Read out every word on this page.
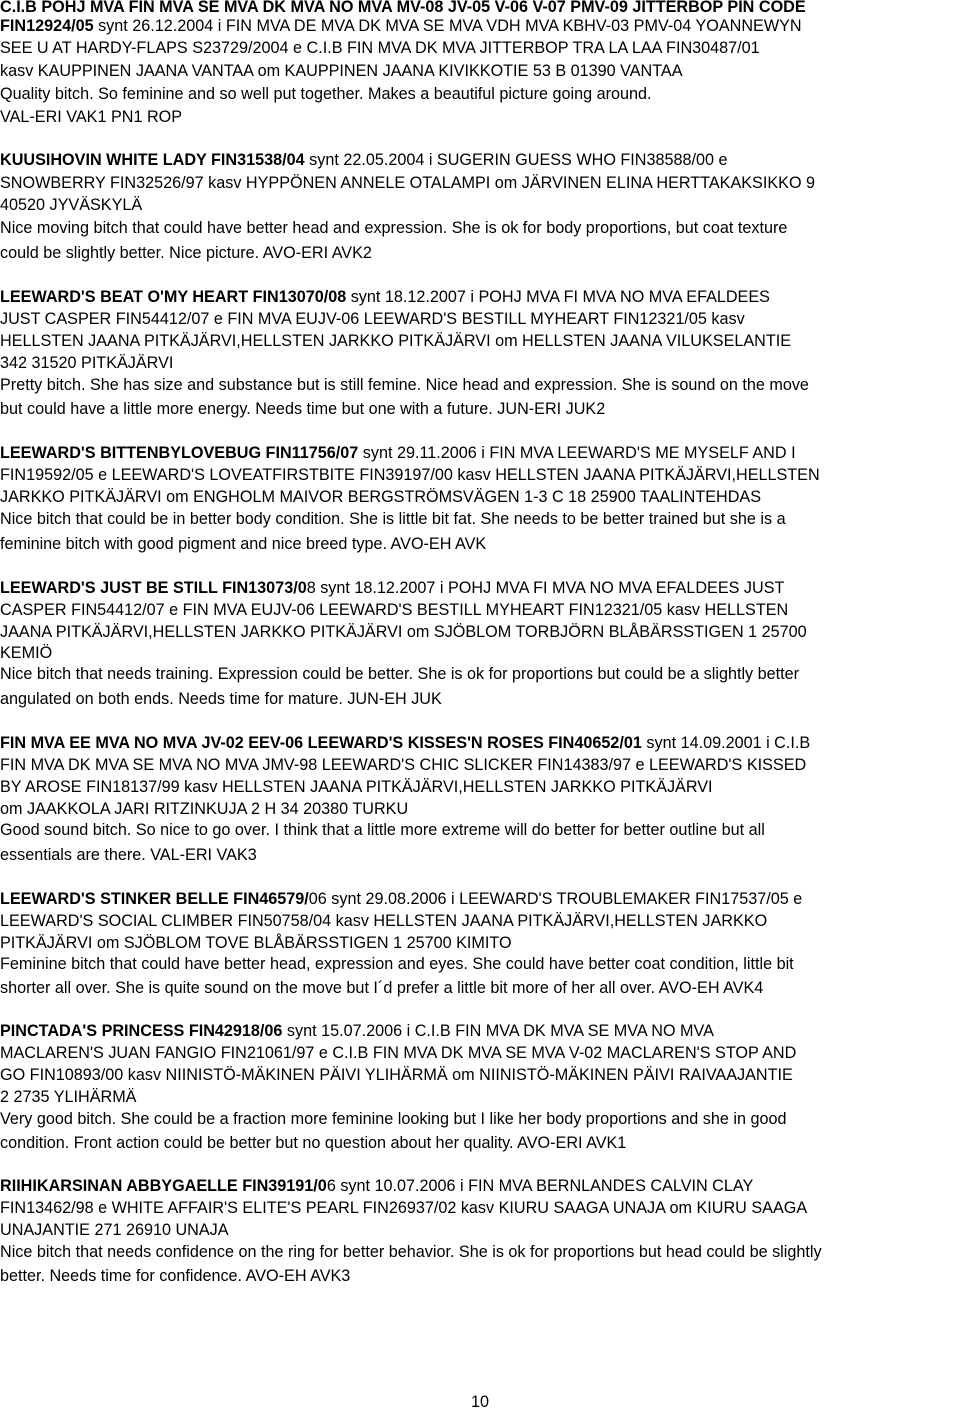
C.I.B POHJ MVA FIN MVA SE MVA DK MVA NO MVA MV-08 JV-05 V-06 V-07 PMV-09 JITTERBOP PIN CODE
FIN12924/05 synt 26.12.2004 i FIN MVA DE MVA DK MVA SE MVA VDH MVA KBHV-03 PMV-04 YOANNEWYN
SEE U AT HARDY-FLAPS S23729/2004 e C.I.B FIN MVA DK MVA JITTERBOP TRA LA LAA FIN30487/01
kasv KAUPPINEN JAANA VANTAA om KAUPPINEN JAANA KIVIKKOTIE 53 B 01390 VANTAA
Quality bitch. So feminine and so well put together. Makes a beautiful picture going around.
VAL-ERI VAK1 PN1 ROP
KUUSIHOVIN WHITE LADY FIN31538/04 synt 22.05.2004 i SUGERIN GUESS WHO FIN38588/00 e
SNOWBERRY FIN32526/97 kasv HYPPÖNEN ANNELE OTALAMPI om JÄRVINEN ELINA HERTTAKAKSIKKO 9
40520 JYVÄSKYLÄ
Nice moving bitch that could have better head and expression. She is ok for body proportions, but coat texture
could be slightly better. Nice picture. AVO-ERI AVK2
LEEWARD'S BEAT O'MY HEART FIN13070/08 synt 18.12.2007 i POHJ MVA FI MVA NO MVA EFALDEES
JUST CASPER FIN54412/07 e FIN MVA EUJV-06 LEEWARD'S BESTILL MYHEART FIN12321/05 kasv
HELLSTEN JAANA PITKÄJÄRVI,HELLSTEN JARKKO PITKÄJÄRVI om HELLSTEN JAANA VILUKSELANTIE
342 31520 PITKÄJÄRVI
Pretty bitch. She has size and substance but is still femine. Nice head and expression. She is sound on the move
but could have a little more energy. Needs time but one with a future. JUN-ERI JUK2
LEEWARD'S BITTENBYLOVEBUG FIN11756/07 synt 29.11.2006 i FIN MVA LEEWARD'S ME MYSELF AND I
FIN19592/05 e LEEWARD'S LOVEATFIRSTBITE FIN39197/00 kasv HELLSTEN JAANA PITKÄJÄRVI,HELLSTEN
JARKKO PITKÄJÄRVI om ENGHOLM MAIVOR BERGSTRÖMSVÄGEN 1-3 C 18 25900 TAALINTEHDAS
Nice bitch that could be in better body condition. She is little bit fat. She needs to be better trained but she is a
feminine bitch with good pigment and nice breed type. AVO-EH AVK
LEEWARD'S JUST BE STILL FIN13073/08 synt 18.12.2007 i POHJ MVA FI MVA NO MVA EFALDEES JUST
CASPER FIN54412/07 e FIN MVA EUJV-06 LEEWARD'S BESTILL MYHEART FIN12321/05 kasv HELLSTEN
JAANA PITKÄJÄRVI,HELLSTEN JARKKO PITKÄJÄRVI om SJÖBLOM TORBJÖRN BLÅBÄRSSTIGEN 1 25700
KEMIÖ
Nice bitch that needs training. Expression could be better. She is ok for proportions but could be a slightly better
angulated on both ends. Needs time for mature. JUN-EH JUK
FIN MVA EE MVA NO MVA JV-02 EEV-06 LEEWARD'S KISSES'N ROSES FIN40652/01 synt 14.09.2001 i C.I.B
FIN MVA DK MVA SE MVA NO MVA JMV-98 LEEWARD'S CHIC SLICKER FIN14383/97 e LEEWARD'S KISSED
BY AROSE FIN18137/99 kasv HELLSTEN JAANA PITKÄJÄRVI,HELLSTEN JARKKO PITKÄJÄRVI
om JAAKKOLA JARI RITZINKUJA 2 H 34 20380 TURKU
Good sound bitch. So nice to go over. I think that a little more extreme will do better for better outline but all
essentials are there. VAL-ERI VAK3
LEEWARD'S STINKER BELLE FIN46579/06 synt 29.08.2006 i LEEWARD'S TROUBLEMAKER FIN17537/05 e
LEEWARD'S SOCIAL CLIMBER FIN50758/04 kasv HELLSTEN JAANA PITKÄJÄRVI,HELLSTEN JARKKO
PITKÄJÄRVI om SJÖBLOM TOVE BLÅBÄRSSTIGEN 1 25700 KIMITO
Feminine bitch that could have better head, expression and eyes. She could have better coat condition, little bit
shorter all over. She is quite sound on the move but I´d prefer a little bit more of her all over. AVO-EH AVK4
PINCTADA'S PRINCESS FIN42918/06 synt 15.07.2006 i C.I.B FIN MVA DK MVA SE MVA NO MVA
MACLAREN'S JUAN FANGIO FIN21061/97 e C.I.B FIN MVA DK MVA SE MVA V-02 MACLAREN'S STOP AND
GO FIN10893/00 kasv NIINISTÖ-MÄKINEN PÄIVI YLIHÄRMÄ om NIINISTÖ-MÄKINEN PÄIVI RAIVAAJANTIE
2 2735 YLIHÄRMÄ
Very good bitch. She could be a fraction more feminine looking but I like her body proportions and she in good
condition. Front action could be better but no question about her quality. AVO-ERI AVK1
RIIHIKARSINAN ABBYGAELLE FIN39191/06 synt 10.07.2006 i FIN MVA BERNLANDES CALVIN CLAY
FIN13462/98 e WHITE AFFAIR'S ELITE'S PEARL FIN26937/02 kasv KIURU SAAGA UNAJA om KIURU SAAGA
UNAJANTIE 271 26910 UNAJA
Nice bitch that needs confidence on the ring for better behavior. She is ok for proportions but head could be slightly
better. Needs time for confidence. AVO-EH AVK3
10
